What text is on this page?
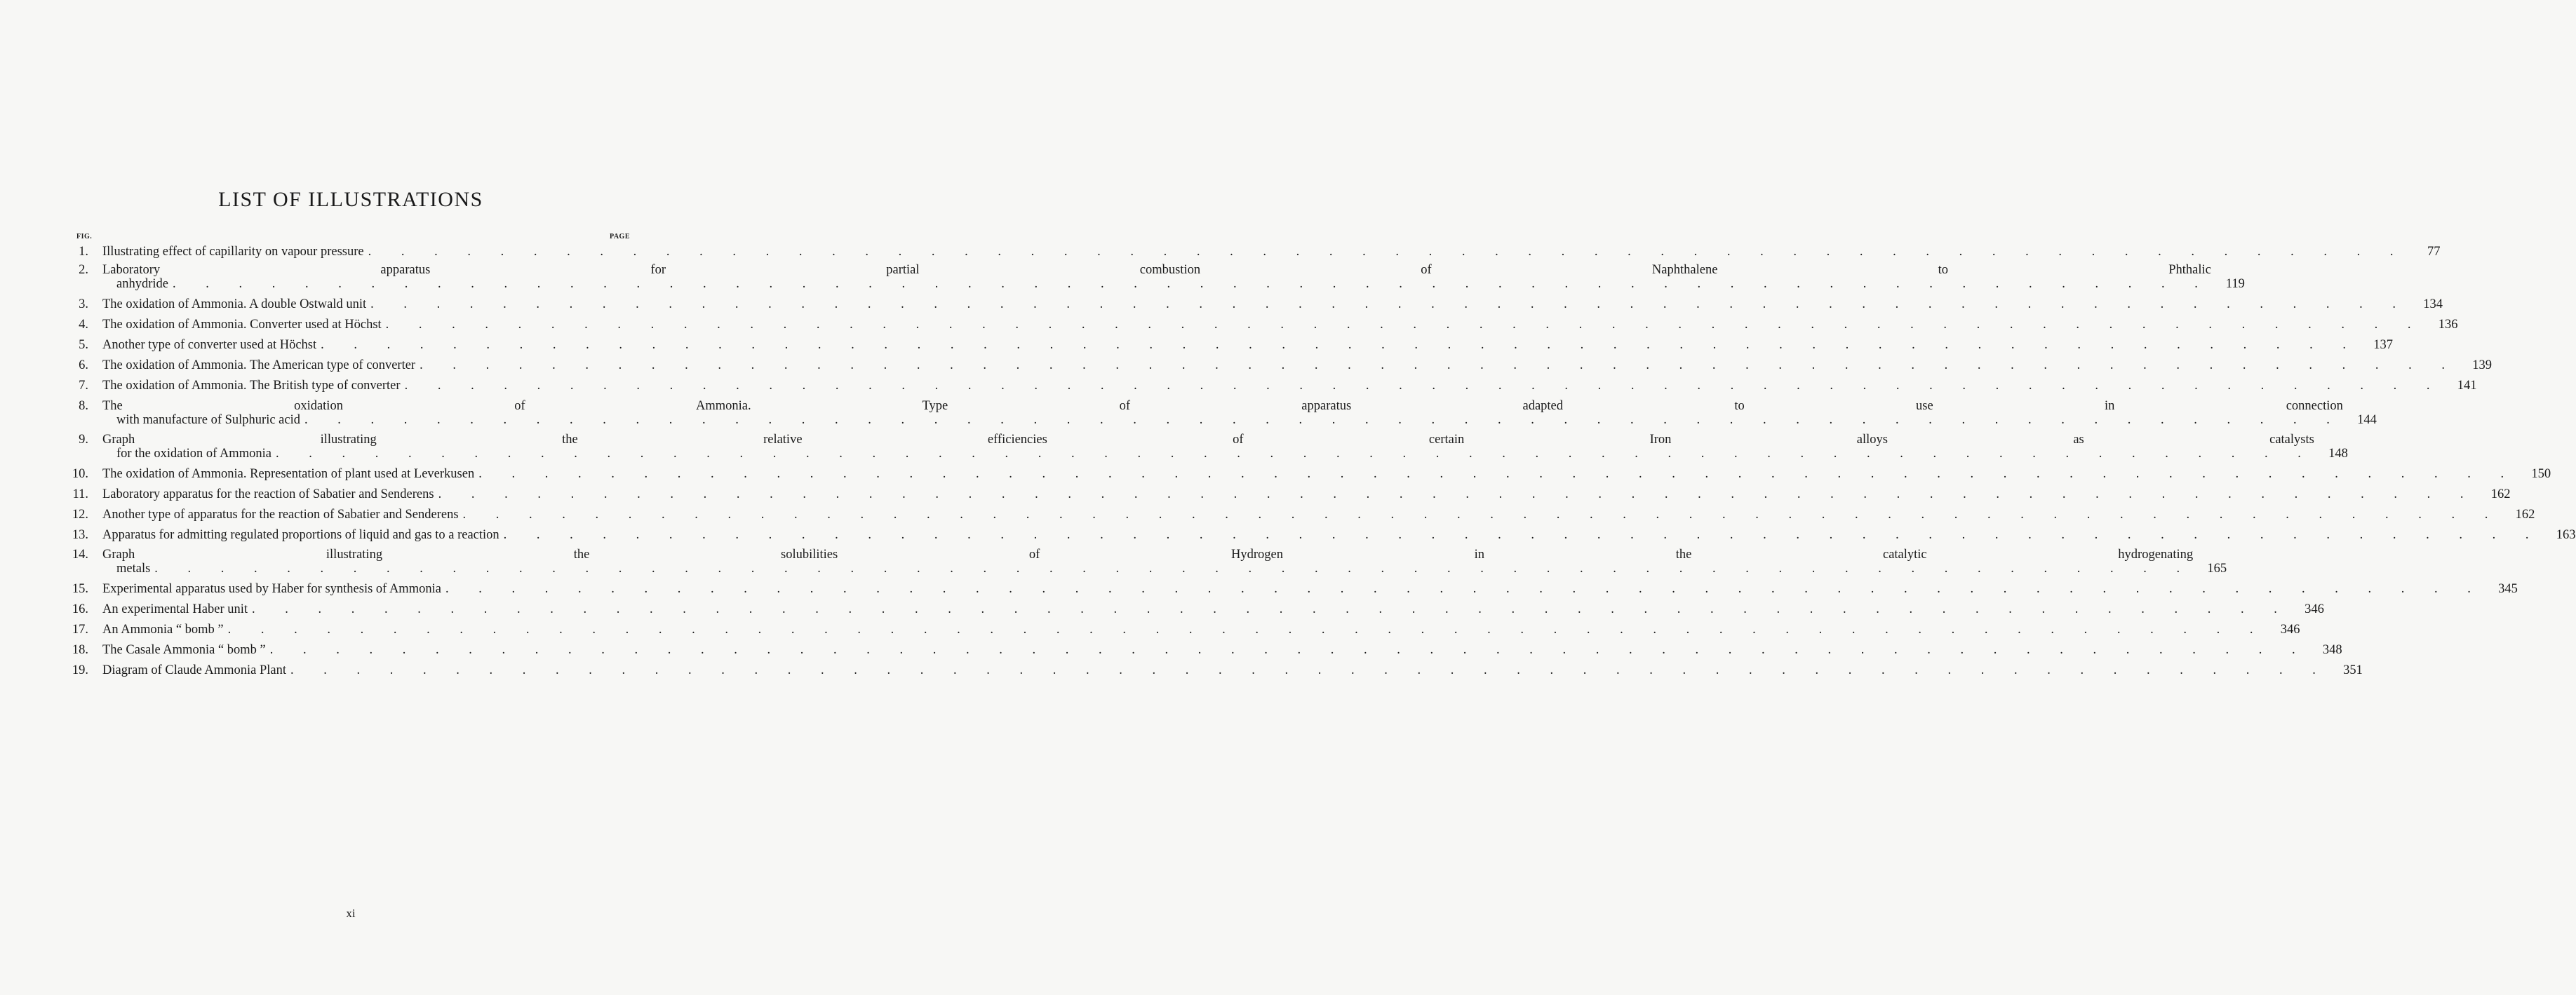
LIST OF ILLUSTRATIONS
FIG.	PAGE
1. Illustrating effect of capillarity on vapour pressure . . .	77
2. Laboratory apparatus for partial combustion of Naphthalene to Phthalic
anhydride . . .	119
3. The oxidation of Ammonia. A double Ostwald unit . . .	134
4. The oxidation of Ammonia. Converter used at Höchst . . .	136
5. Another type of converter used at Höchst . . .	137
6. The oxidation of Ammonia. The American type of converter . . .	139
7. The oxidation of Ammonia. The British type of converter . . .	141
8. The oxidation of Ammonia. Type of apparatus adapted to use in connection
with manufacture of Sulphuric acid . . .	144
9. Graph illustrating the relative efficiencies of certain Iron alloys as catalysts
for the oxidation of Ammonia . . .	148
10. The oxidation of Ammonia. Representation of plant used at Leverkusen . . .	150
11. Laboratory apparatus for the reaction of Sabatier and Senderens . . .	162
12. Another type of apparatus for the reaction of Sabatier and Senderens . . .	162
13. Apparatus for admitting regulated proportions of liquid and gas to a reaction . . .	163
14. Graph illustrating the solubilities of Hydrogen in the catalytic hydrogenating
metals . . .	165
15. Experimental apparatus used by Haber for synthesis of Ammonia . . .	345
16. An experimental Haber unit . . .	346
17. An Ammonia “ bomb ” . . .	346
18. The Casale Ammonia “ bomb ” . . .	348
19. Diagram of Claude Ammonia Plant . . .	351
xi
